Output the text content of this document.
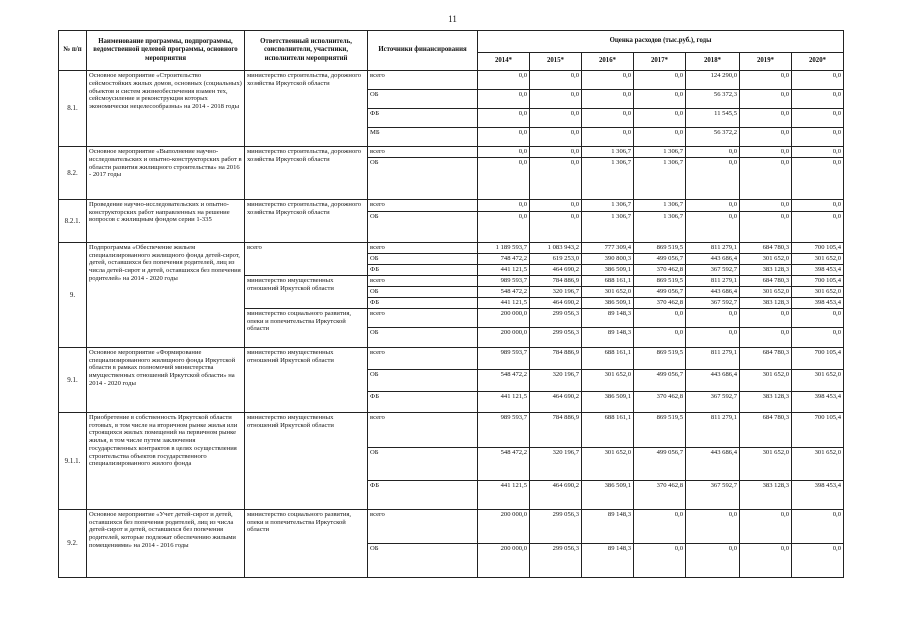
11
№ п/п	Наименование программы, подпрограммы, ведомственной целевой программы, основного мероприятия	Ответственный исполнитель, соисполнители, участники, исполнители мероприятий	Источники финансирования	Оценка расходов (тыс.руб.), годы						
				2014*	2015*	2016*	2017*	2018*	2019*	2020*
8.1.	Основное мероприятие «Строительство сейсмостойких жилых домов, основных (социальных) объектов и систем жизнеобеспечения взамен тех, сейсмоусиление и реконструкция которых экономически нецелесообразны» на 2014 - 2018 годы	министерство строительства, дорожного хозяйства Иркутской области	всего	0,0	0,0	0,0	0,0	124 290,0	0,0	0,0
			ОБ	0,0	0,0	0,0	0,0	56 372,3	0,0	0,0
			ФБ	0,0	0,0	0,0	0,0	11 545,5	0,0	0,0
			МБ	0,0	0,0	0,0	0,0	56 372,2	0,0	0,0
8.2.	Основное мероприятие «Выполнение научно-исследовательских и опытно-конструкторских работ в области развития жилищного строительства» на 2016 - 2017 годы	министерство строительства, дорожного хозяйства Иркутской области	всего	0,0	0,0	1 306,7	1 306,7	0,0	0,0	0,0
			ОБ	0,0	0,0	1 306,7	1 306,7	0,0	0,0	0,0
8.2.1.	Проведение научно-исследовательских и опытно-конструкторских работ направленных на решение вопросов с жилищным фондом серии 1-335	министерство строительства, дорожного хозяйства Иркутской области	всего	0,0	0,0	1 306,7	1 306,7	0,0	0,0	0,0
			ОБ	0,0	0,0	1 306,7	1 306,7	0,0	0,0	0,0
9.	Подпрограмма «Обеспечение жильем специализированного жилищного фонда детей-сирот, детей, оставшихся без попечения родителей, лиц из числа детей-сирот и детей, оставшихся без попечения родителей» на 2014 - 2020 годы	всего	всего	1 189 593,7	1 083 943,2	777 309,4	869 519,5	811 279,1	684 780,3	700 105,4
			ОБ	748 472,2	619 253,0	390 800,3	499 056,7	443 686,4	301 652,0	301 652,0
			ФБ	441 121,5	464 690,2	386 509,1	370 462,8	367 592,7	383 128,3	398 453,4
		министерство имущественных отношений Иркутской области	всего	989 593,7	784 886,9	688 161,1	869 519,5	811 279,1	684 780,3	700 105,4
			ОБ	548 472,2	320 196,7	301 652,0	499 056,7	443 686,4	301 652,0	301 652,0
			ФБ	441 121,5	464 690,2	386 509,1	370 462,8	367 592,7	383 128,3	398 453,4
		министерство социального развития, опеки и попечительства Иркутской области	всего	200 000,0	299 056,3	89 148,3	0,0	0,0	0,0	0,0
			ОБ	200 000,0	299 056,3	89 148,3	0,0	0,0	0,0	0,0
9.1.	Основное мероприятие «Формирование специализированного жилищного фонда Иркутской области в рамках полномочий министерства имущественных отношений Иркутской области» на 2014 - 2020 годы	министерство имущественных отношений Иркутской области	всего	989 593,7	784 886,9	688 161,1	869 519,5	811 279,1	684 780,3	700 105,4
			ОБ	548 472,2	320 196,7	301 652,0	499 056,7	443 686,4	301 652,0	301 652,0
			ФБ	441 121,5	464 690,2	386 509,1	370 462,8	367 592,7	383 128,3	398 453,4
9.1.1.	Приобретение в собственность Иркутской области готовых, в том числе на вторичном рынке жилья или строящихся жилых помещений на первичном рынке жилья, в том числе путем заключения государственных контрактов в целях осуществления строительства объектов государственного специализированного жилого фонда	министерство имущественных отношений Иркутской области	всего	989 593,7	784 886,9	688 161,1	869 519,5	811 279,1	684 780,3	700 105,4
			ОБ	548 472,2	320 196,7	301 652,0	499 056,7	443 686,4	301 652,0	301 652,0
			ФБ	441 121,5	464 690,2	386 509,1	370 462,8	367 592,7	383 128,3	398 453,4
9.2.	Основное мероприятие «Учет детей-сирот и детей, оставшихся без попечения родителей, лиц из числа детей-сирот и детей, оставшихся без попечения родителей, которые подлежат обеспечению жилыми помещениями» на 2014 - 2016 годы	министерство социального развития, опеки и попечительства Иркутской области	всего	200 000,0	299 056,3	89 148,3	0,0	0,0	0,0	0,0
			ОБ	200 000,0	299 056,3	89 148,3	0,0	0,0	0,0	0,0
